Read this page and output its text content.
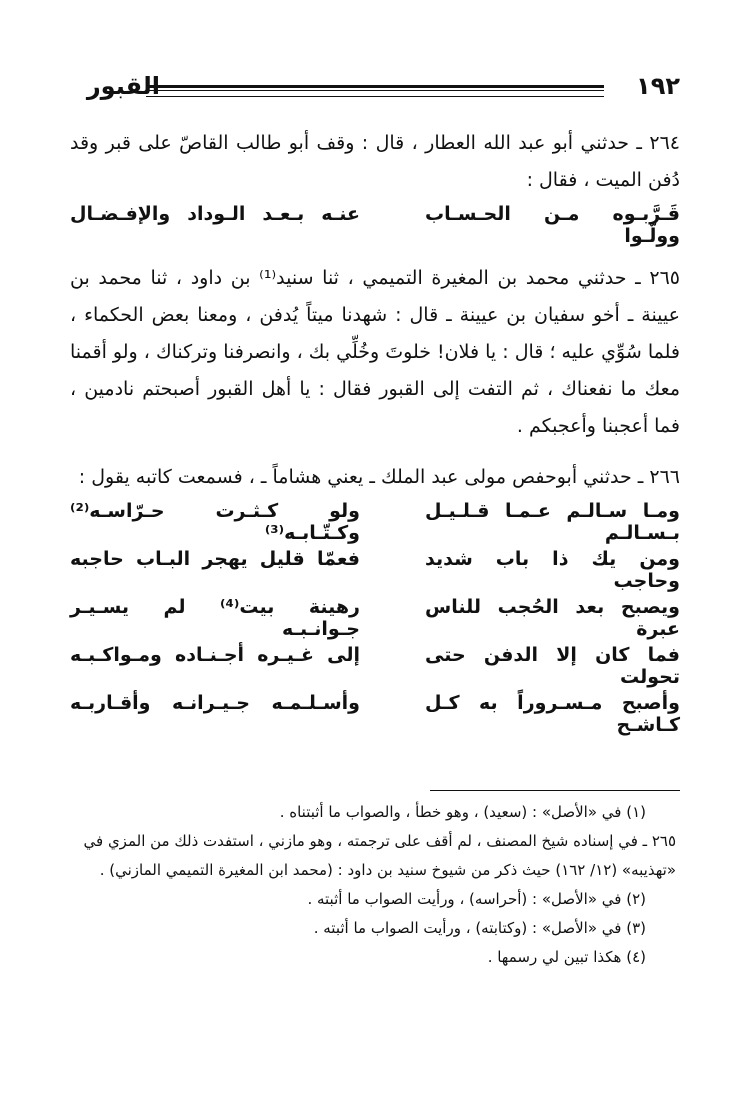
القبور	١٩٢

٢٦٤ ـ حدثني أبو عبد الله العطار ، قال : وقف أبو طالب القاصّ على قبر وقد دُفن الميت ، فقال :

قَـرَّبـوه مـن الحـسـاب وولّـوا
عنـه بـعـد الـوداد والإفـضـال

٢٦٥ ـ حدثني محمد بن المغيرة التميمي ، ثنا سنيد⁽¹⁾ بن داود ، ثنا محمد بن عيينة ـ أخو سفيان بن عيينة ـ قال : شهدنا ميتاً يُدفن ، ومعنا بعض الحكماء ، فلما سُوِّي عليه ؛ قال : يا فلان! خلوتَ وخُلِّي بك ، وانصرفنا وتركناك ، ولو أقمنا معك ما نفعناك ، ثم التفت إلى القبور فقال : يا أهل القبور أصبحتم نادمين ، فما أعجبنا وأعجبكم .

٢٦٦ ـ حدثني أبوحفص مولى عبد الملك ـ يعني هشاماً ـ ، فسمعت كاتبه يقول :

ومـا سـالـم عـمـا قـلـيـل بـسـالـم
ولو كـثـرت حـرّاسـه⁽²⁾ وكـتّـابـه⁽³⁾
ومن يك ذا باب شديد وحاجب
فعمّا قليل يهجر البـاب حاجبه
ويصبح بعد الحُجب للناس عبرة
رهينة بيت⁽⁴⁾ لم يسـيـر جـوانـبـه
فما كان إلا الدفن حتى تحولت
إلى غـيـره أجـنـاده ومـواكـبـه
وأصبح مـسـروراً به كـل كـاشـح
وأسـلـمـه جـيـرانـه وأقـاربـه

(١) في «الأصل» : (سعيد) ، وهو خطأ ، والصواب ما أثبتناه .

٢٦٥ ـ في إسناده شيخ المصنف ، لم أقف على ترجمته ، وهو مازني ، استفدت ذلك من المزي في «تهذيبه» (١٢/ ١٦٢) حيث ذكر من شيوخ سنيد بن داود : (محمد ابن المغيرة التميمي المازني) .

(٢) في «الأصل» : (أحراسه) ، ورأيت الصواب ما أثبته .

(٣) في «الأصل» : (وكتابته) ، ورأيت الصواب ما أثبته .

(٤) هكذا تبين لي رسمها .
